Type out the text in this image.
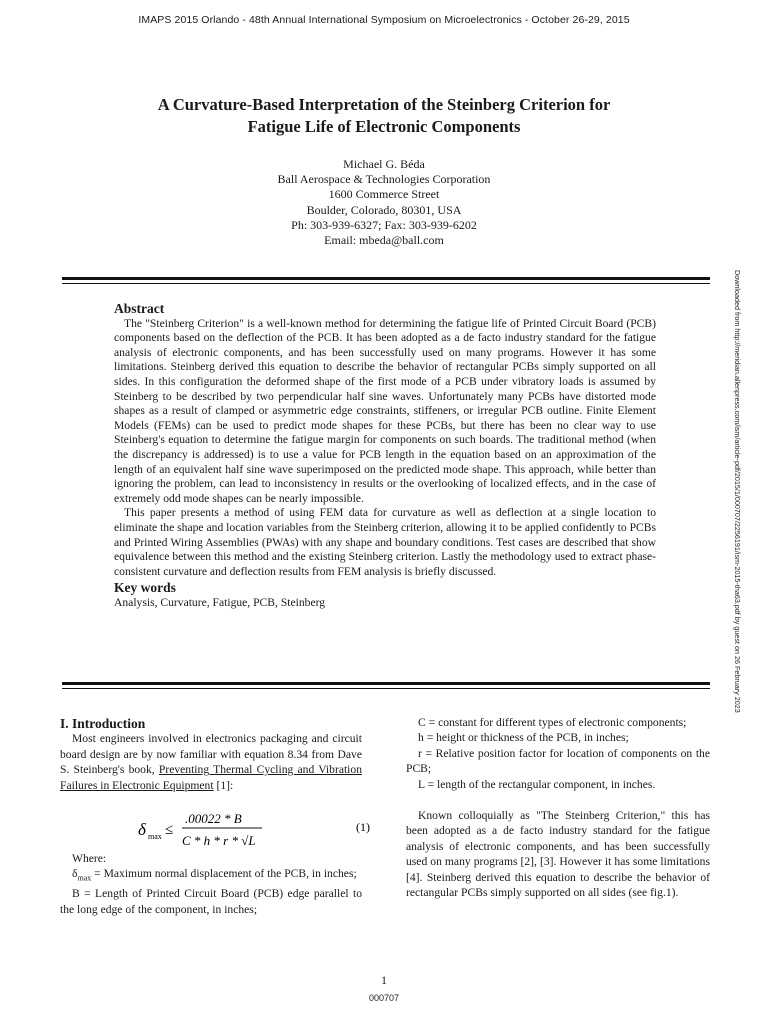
IMAPS 2015 Orlando - 48th Annual International Symposium on Microelectronics - October 26-29, 2015
A Curvature-Based Interpretation of the Steinberg Criterion for
Fatigue Life of Electronic Components
Michael G. Béda
Ball Aerospace & Technologies Corporation
1600 Commerce Street
Boulder, Colorado, 80301, USA
Ph: 303-939-6327; Fax: 303-939-6202
Email: mbeda@ball.com
Downloaded from http://meridian.allenpress.com/ism/article-pdf/2015/1/000707/2256191/ism-2015-tha63.pdf by guest on 26 February 2023
Abstract

The "Steinberg Criterion" is a well-known method for determining the fatigue life of Printed Circuit Board (PCB) components based on the deflection of the PCB. It has been adopted as a de facto industry standard for the fatigue analysis of electronic components, and has been successfully used on many programs. However it has some limitations. Steinberg derived this equation to describe the behavior of rectangular PCBs simply supported on all sides. In this configuration the deformed shape of the first mode of a PCB under vibratory loads is assumed by Steinberg to be described by two perpendicular half sine waves. Unfortunately many PCBs have distorted mode shapes as a result of clamped or asymmetric edge constraints, stiffeners, or irregular PCB outline. Finite Element Models (FEMs) can be used to predict mode shapes for these PCBs, but there has been no clear way to use Steinberg's equation to determine the fatigue margin for components on such boards. The traditional method (when the discrepancy is addressed) is to use a value for PCB length in the equation based on an approximation of the length of an equivalent half sine wave superimposed on the predicted mode shape. This approach, while better than ignoring the problem, can lead to inconsistency in results or the overlooking of localized effects, and in the case of extremely odd mode shapes can be nearly impossible.

This paper presents a method of using FEM data for curvature as well as deflection at a single location to eliminate the shape and location variables from the Steinberg criterion, allowing it to be applied confidently to PCBs and Printed Wiring Assemblies (PWAs) with any shape and boundary conditions. Test cases are described that show equivalence between this method and the existing Steinberg criterion. Lastly the methodology used to extract phase-consistent curvature and deflection results from FEM analysis is briefly discussed.

Key words
Analysis, Curvature, Fatigue, PCB, Steinberg
I. Introduction

Most engineers involved in electronics packaging and circuit board design are by now familiar with equation 8.34 from Dave S. Steinberg's book, Preventing Thermal Cycling and Vibration Failures in Electronic Equipment [1]:

δ max ≤
.00022 * B
C * h * r * √L
(1)

Where:

$\delta_{max}$ = Maximum normal displacement of the PCB, in inches;

B = Length of Printed Circuit Board (PCB) edge parallel to the long edge of the component, in inches;

C = constant for different types of electronic components;

h = height or thickness of the PCB, in inches;

r = Relative position factor for location of components on the PCB;

L = length of the rectangular component, in inches.

Known colloquially as "The Steinberg Criterion," this has been adopted as a de facto industry standard for the fatigue analysis of electronic components, and has been successfully used on many programs [2], [3]. However it has some limitations [4]. Steinberg derived this equation to describe the behavior of rectangular PCBs simply supported on all sides (see fig.1).

1
000707
